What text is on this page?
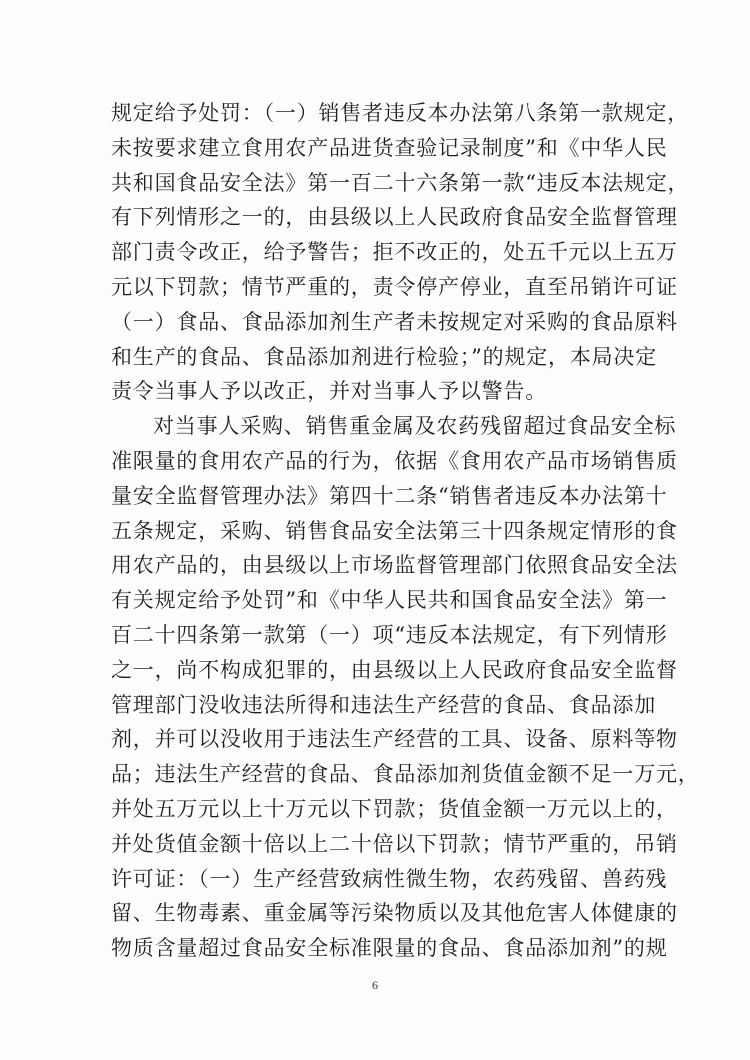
规定给予处罚：（一）销售者违反本办法第八条第一款规定，
未按要求建立食用农产品进货查验记录制度”和《中华人民
共和国食品安全法》第一百二十六条第一款“违反本法规定，
有下列情形之一的，由县级以上人民政府食品安全监督管理
部门责令改正，给予警告；拒不改正的，处五千元以上五万
元以下罚款；情节严重的，责令停产停业，直至吊销许可证
（一）食品、食品添加剂生产者未按规定对采购的食品原料
和生产的食品、食品添加剂进行检验；”的规定，本局决定
责令当事人予以改正，并对当事人予以警告。
对当事人采购、销售重金属及农药残留超过食品安全标
准限量的食用农产品的行为，依据《食用农产品市场销售质
量安全监督管理办法》第四十二条“销售者违反本办法第十
五条规定，采购、销售食品安全法第三十四条规定情形的食
用农产品的，由县级以上市场监督管理部门依照食品安全法
有关规定给予处罚”和《中华人民共和国食品安全法》第一
百二十四条第一款第（一）项“违反本法规定，有下列情形
之一，尚不构成犯罪的，由县级以上人民政府食品安全监督
管理部门没收违法所得和违法生产经营的食品、食品添加
剂，并可以没收用于违法生产经营的工具、设备、原料等物
品；违法生产经营的食品、食品添加剂货值金额不足一万元，
并处五万元以上十万元以下罚款；货值金额一万元以上的，
并处货值金额十倍以上二十倍以下罚款；情节严重的，吊销
许可证：（一）生产经营致病性微生物，农药残留、兽药残
留、生物毒素、重金属等污染物质以及其他危害人体健康的
物质含量超过食品安全标准限量的食品、食品添加剂”的规
6
